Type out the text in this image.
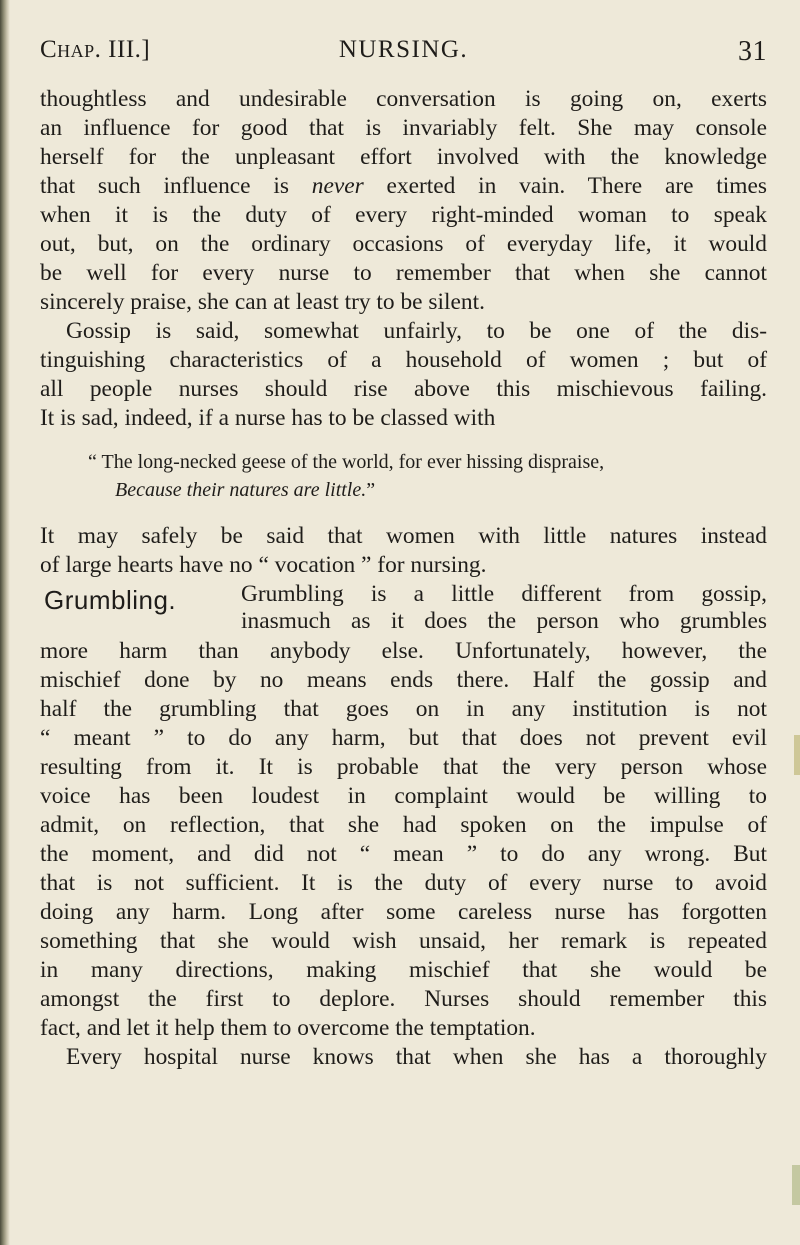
Chap. III.]	NURSING.	31
thoughtless and undesirable conversation is going on, exerts
an influence for good that is invariably felt. She may console
herself for the unpleasant effort involved with the knowledge
that such influence is never exerted in vain. There are times
when it is the duty of every right-minded woman to speak
out, but, on the ordinary occasions of everyday life, it would
be well for every nurse to remember that when she cannot
sincerely praise, she can at least try to be silent.
Gossip is said, somewhat unfairly, to be one of the dis-
tinguishing characteristics of a household of women ; but of
all people nurses should rise above this mischievous failing.
It is sad, indeed, if a nurse has to be classed with
“ The long-necked geese of the world, for ever hissing dispraise,
Because their natures are little.”
It may safely be said that women with little natures instead
of large hearts have no “ vocation ” for nursing.
Grumbling.	Grumbling is a little different from gossip,
inasmuch as it does the person who grumbles
more harm than anybody else. Unfortunately, however, the
mischief done by no means ends there. Half the gossip and
half the grumbling that goes on in any institution is not
“ meant ” to do any harm, but that does not prevent evil
resulting from it. It is probable that the very person whose
voice has been loudest in complaint would be willing to
admit, on reflection, that she had spoken on the impulse of
the moment, and did not “ mean ” to do any wrong. But
that is not sufficient. It is the duty of every nurse to avoid
doing any harm. Long after some careless nurse has forgotten
something that she would wish unsaid, her remark is repeated
in many directions, making mischief that she would be
amongst the first to deplore. Nurses should remember this
fact, and let it help them to overcome the temptation.
Every hospital nurse knows that when she has a thoroughly
